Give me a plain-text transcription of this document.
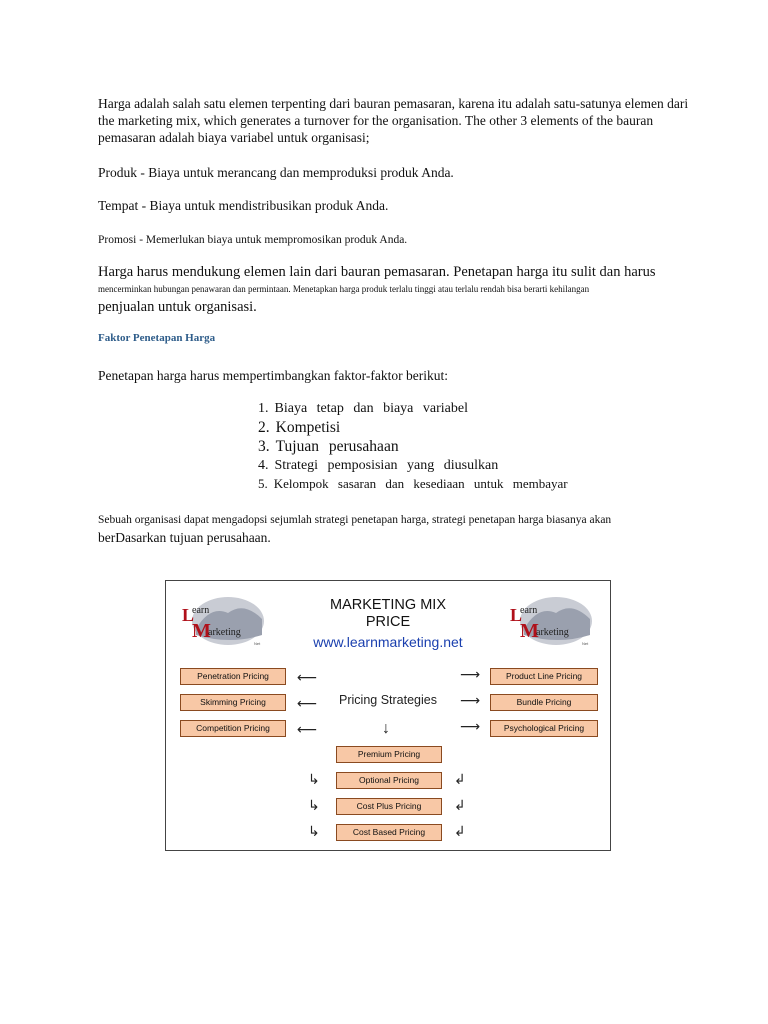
Harga adalah salah satu elemen terpenting dari bauran pemasaran, karena itu adalah satu-satunya elemen dari the marketing mix, which generates a turnover for the organisation. The other 3 elements of the bauran pemasaran adalah biaya variabel untuk organisasi;

Produk - Biaya untuk merancang dan memproduksi produk Anda.

Tempat - Biaya untuk mendistribusikan produk Anda.

Promosi - Memerlukan biaya untuk mempromosikan produk Anda.

Harga harus mendukung elemen lain dari bauran pemasaran. Penetapan harga itu sulit dan harus

mencerminkan hubungan penawaran dan permintaan. Menetapkan harga produk terlalu tinggi atau terlalu rendah bisa berarti kehilangan

penjualan untuk organisasi.

Faktor Penetapan Harga

Penetapan harga harus mempertimbangkan faktor-faktor berikut:

1. Biaya tetap dan biaya variabel
2. Kompetisi
3. Tujuan perusahaan
4. Strategi pemposisian yang diusulkan
5. Kelompok sasaran dan kesediaan untuk membayar

Sebuah organisasi dapat mengadopsi sejumlah strategi penetapan harga, strategi penetapan harga biasanya akan

berDasarkan tujuan perusahaan.

L
earn
M
arketing
Net
L
earn
M
arketing
Net
MARKETING MIX
PRICE
www.learnmarketing.net
Pricing Strategies
Penetration Pricing
Skimming Pricing
Competition Pricing
Product Line Pricing
Bundle Pricing
Psychological Pricing
Premium Pricing
Optional Pricing
Cost Plus Pricing
Cost Based Pricing
⟵
⟵
⟵
⟶
⟶
⟶
↓
↳
↳
↳
↲
↲
↲
